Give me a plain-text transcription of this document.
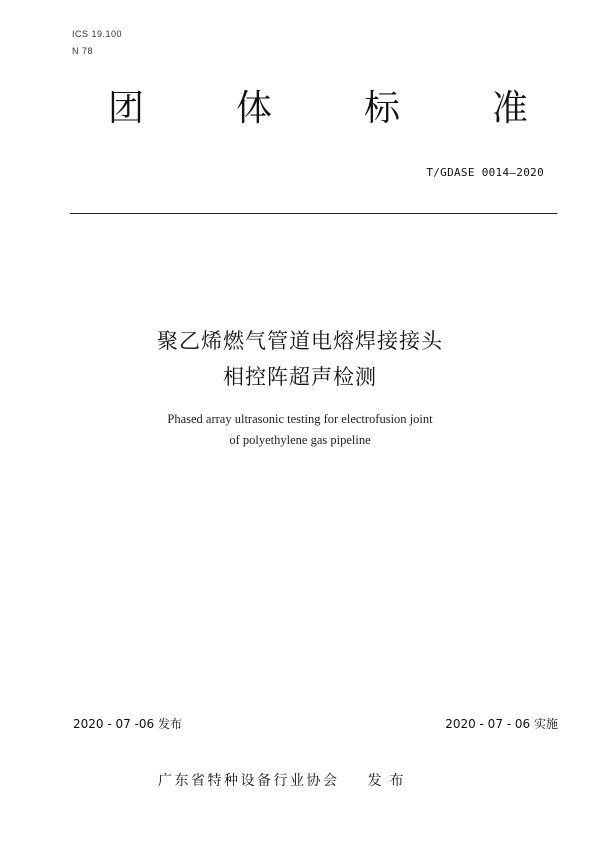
ICS 19.100
N 78
团	体	标	准
T/GDASE 0014—2020
聚乙烯燃气管道电熔焊接接头
相控阵超声检测
Phased array ultrasonic testing for electrofusion joint
of polyethylene gas pipeline
2020 - 07 -06 发布	2020 - 07 - 06 实施
广东省特种设备行业协会 发布
